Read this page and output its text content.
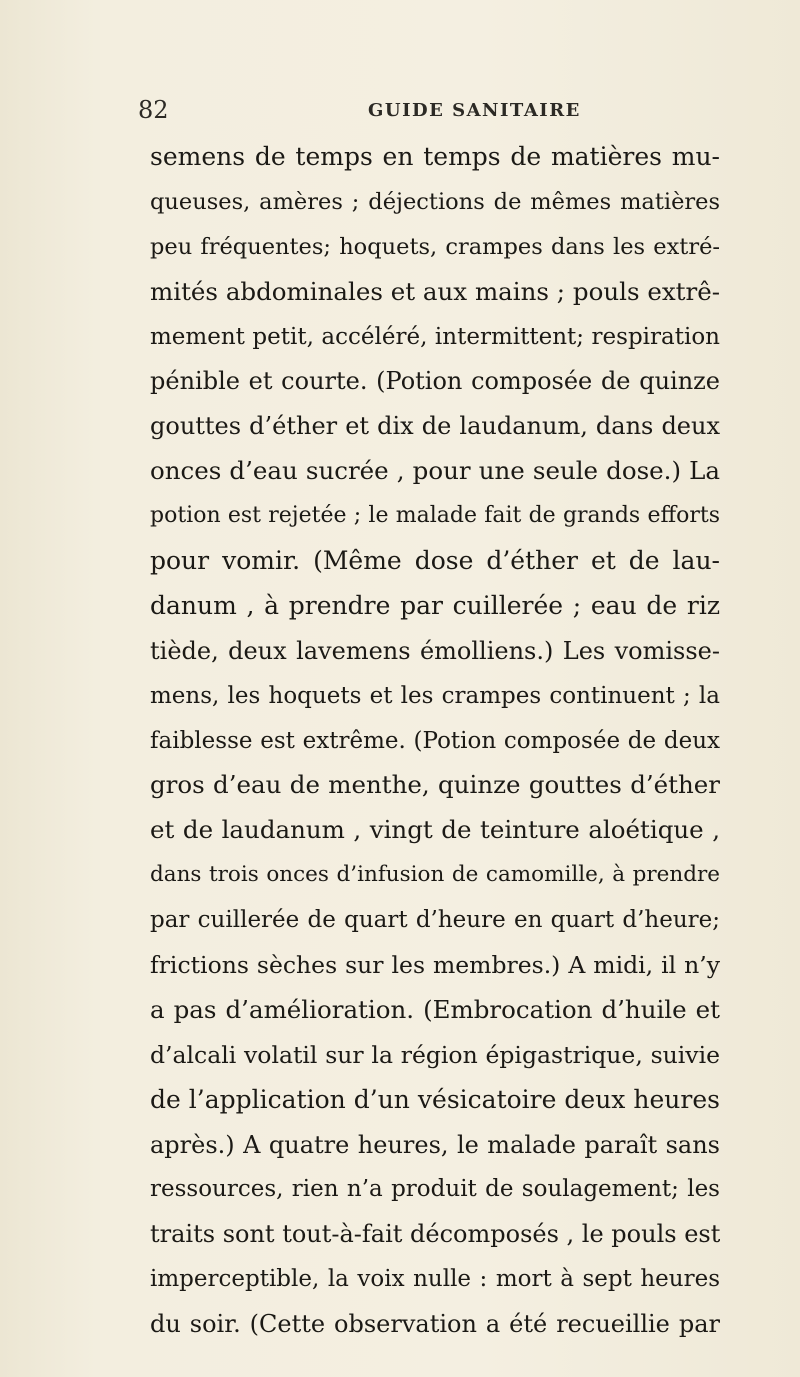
82	GUIDE SANITAIRE
semens de temps en temps de matières mu-
queuses, amères ; déjections de mêmes matières
peu fréquentes; hoquets, crampes dans les extré-
mités abdominales et aux mains ; pouls extrê-
mement petit, accéléré, intermittent; respiration
pénible et courte. (Potion composée de quinze
gouttes d’éther et dix de laudanum, dans deux
onces d’eau sucrée , pour une seule dose.) La
potion est rejetée ; le malade fait de grands efforts
pour vomir. (Même dose d’éther et de lau-
danum , à prendre par cuillerée ; eau de riz
tiède, deux lavemens émolliens.) Les vomisse-
mens, les hoquets et les crampes continuent ; la
faiblesse est extrême. (Potion composée de deux
gros d’eau de menthe, quinze gouttes d’éther
et de laudanum , vingt de teinture aloétique ,
dans trois onces d’infusion de camomille, à prendre
par cuillerée de quart d’heure en quart d’heure;
frictions sèches sur les membres.) A midi, il n’y
a pas d’amélioration. (Embrocation d’huile et
d’alcali volatil sur la région épigastrique, suivie
de l’application d’un vésicatoire deux heures
après.) A quatre heures, le malade paraît sans
ressources, rien n’a produit de soulagement; les
traits sont tout-à-fait décomposés , le pouls est
imperceptible, la voix nulle : mort à sept heures
du soir. (Cette observation a été recueillie par
